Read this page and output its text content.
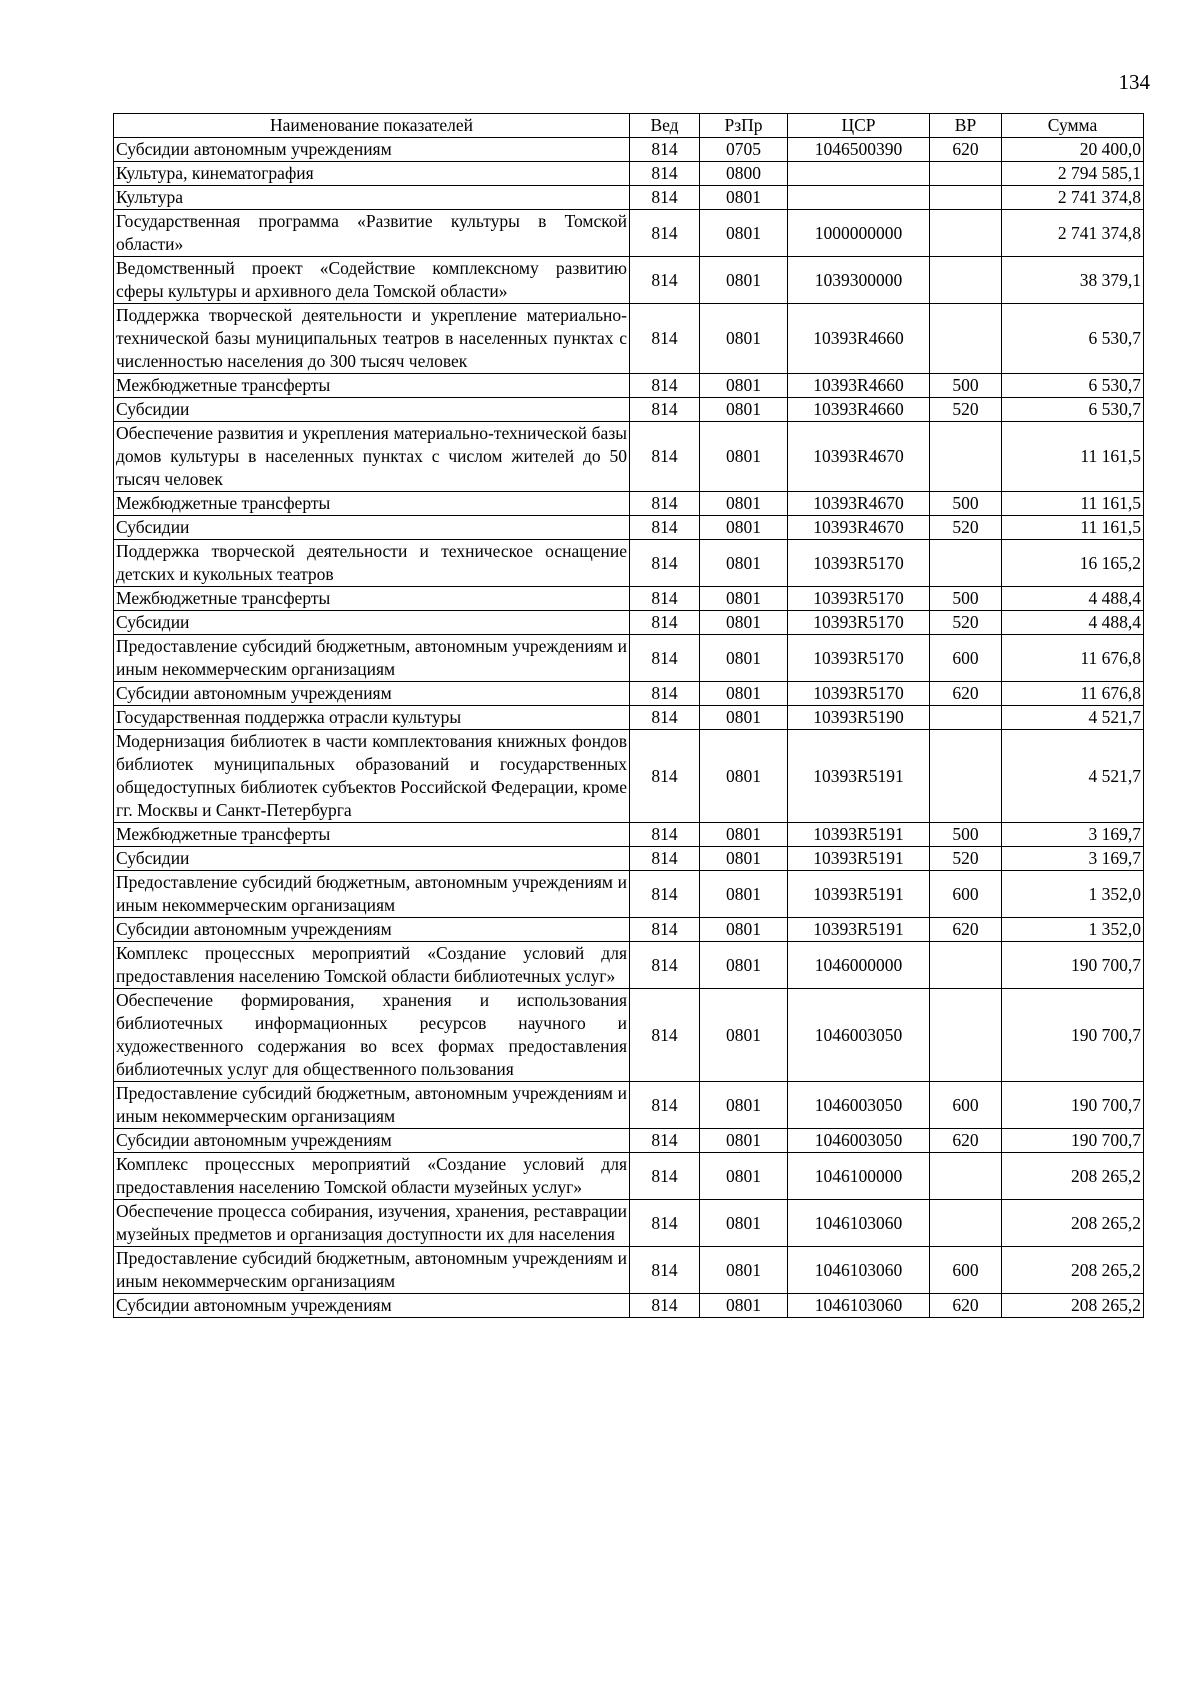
134
Наименование показателей	Вед	РзПр	ЦСР	ВР	Сумма
Субсидии автономным учреждениям	814	0705	1046500390	620	20 400,0
Культура, кинематография	814	0800			2 794 585,1
Культура	814	0801			2 741 374,8
Государственная программа «Развитие культуры в Томской области»	814	0801	1000000000		2 741 374,8
Ведомственный проект «Содействие комплексному развитию сферы культуры и архивного дела Томской области»	814	0801	1039300000		38 379,1
Поддержка творческой деятельности и укрепление материально-технической базы муниципальных театров в населенных пунктах с численностью населения до 300 тысяч человек	814	0801	10393R4660		6 530,7
Межбюджетные трансферты	814	0801	10393R4660	500	6 530,7
Субсидии	814	0801	10393R4660	520	6 530,7
Обеспечение развития и укрепления материально-технической базы домов культуры в населенных пунктах с числом жителей до 50 тысяч человек	814	0801	10393R4670		11 161,5
Межбюджетные трансферты	814	0801	10393R4670	500	11 161,5
Субсидии	814	0801	10393R4670	520	11 161,5
Поддержка творческой деятельности и техническое оснащение детских и кукольных театров	814	0801	10393R5170		16 165,2
Межбюджетные трансферты	814	0801	10393R5170	500	4 488,4
Субсидии	814	0801	10393R5170	520	4 488,4
Предоставление субсидий бюджетным, автономным учреждениям и иным некоммерческим организациям	814	0801	10393R5170	600	11 676,8
Субсидии автономным учреждениям	814	0801	10393R5170	620	11 676,8
Государственная поддержка отрасли культуры	814	0801	10393R5190		4 521,7
Модернизация библиотек в части комплектования книжных фондов библиотек муниципальных образований и государственных общедоступных библиотек субъектов Российской Федерации, кроме гг. Москвы и Санкт-Петербурга	814	0801	10393R5191		4 521,7
Межбюджетные трансферты	814	0801	10393R5191	500	3 169,7
Субсидии	814	0801	10393R5191	520	3 169,7
Предоставление субсидий бюджетным, автономным учреждениям и иным некоммерческим организациям	814	0801	10393R5191	600	1 352,0
Субсидии автономным учреждениям	814	0801	10393R5191	620	1 352,0
Комплекс процессных мероприятий «Создание условий для предоставления населению Томской области библиотечных услуг»	814	0801	1046000000		190 700,7
Обеспечение формирования, хранения и использования библиотечных информационных ресурсов научного и художественного содержания во всех формах предоставления библиотечных услуг для общественного пользования	814	0801	1046003050		190 700,7
Предоставление субсидий бюджетным, автономным учреждениям и иным некоммерческим организациям	814	0801	1046003050	600	190 700,7
Субсидии автономным учреждениям	814	0801	1046003050	620	190 700,7
Комплекс процессных мероприятий «Создание условий для предоставления населению Томской области музейных услуг»	814	0801	1046100000		208 265,2
Обеспечение процесса собирания, изучения, хранения, реставрации музейных предметов и организация доступности их для населения	814	0801	1046103060		208 265,2
Предоставление субсидий бюджетным, автономным учреждениям и иным некоммерческим организациям	814	0801	1046103060	600	208 265,2
Субсидии автономным учреждениям	814	0801	1046103060	620	208 265,2
